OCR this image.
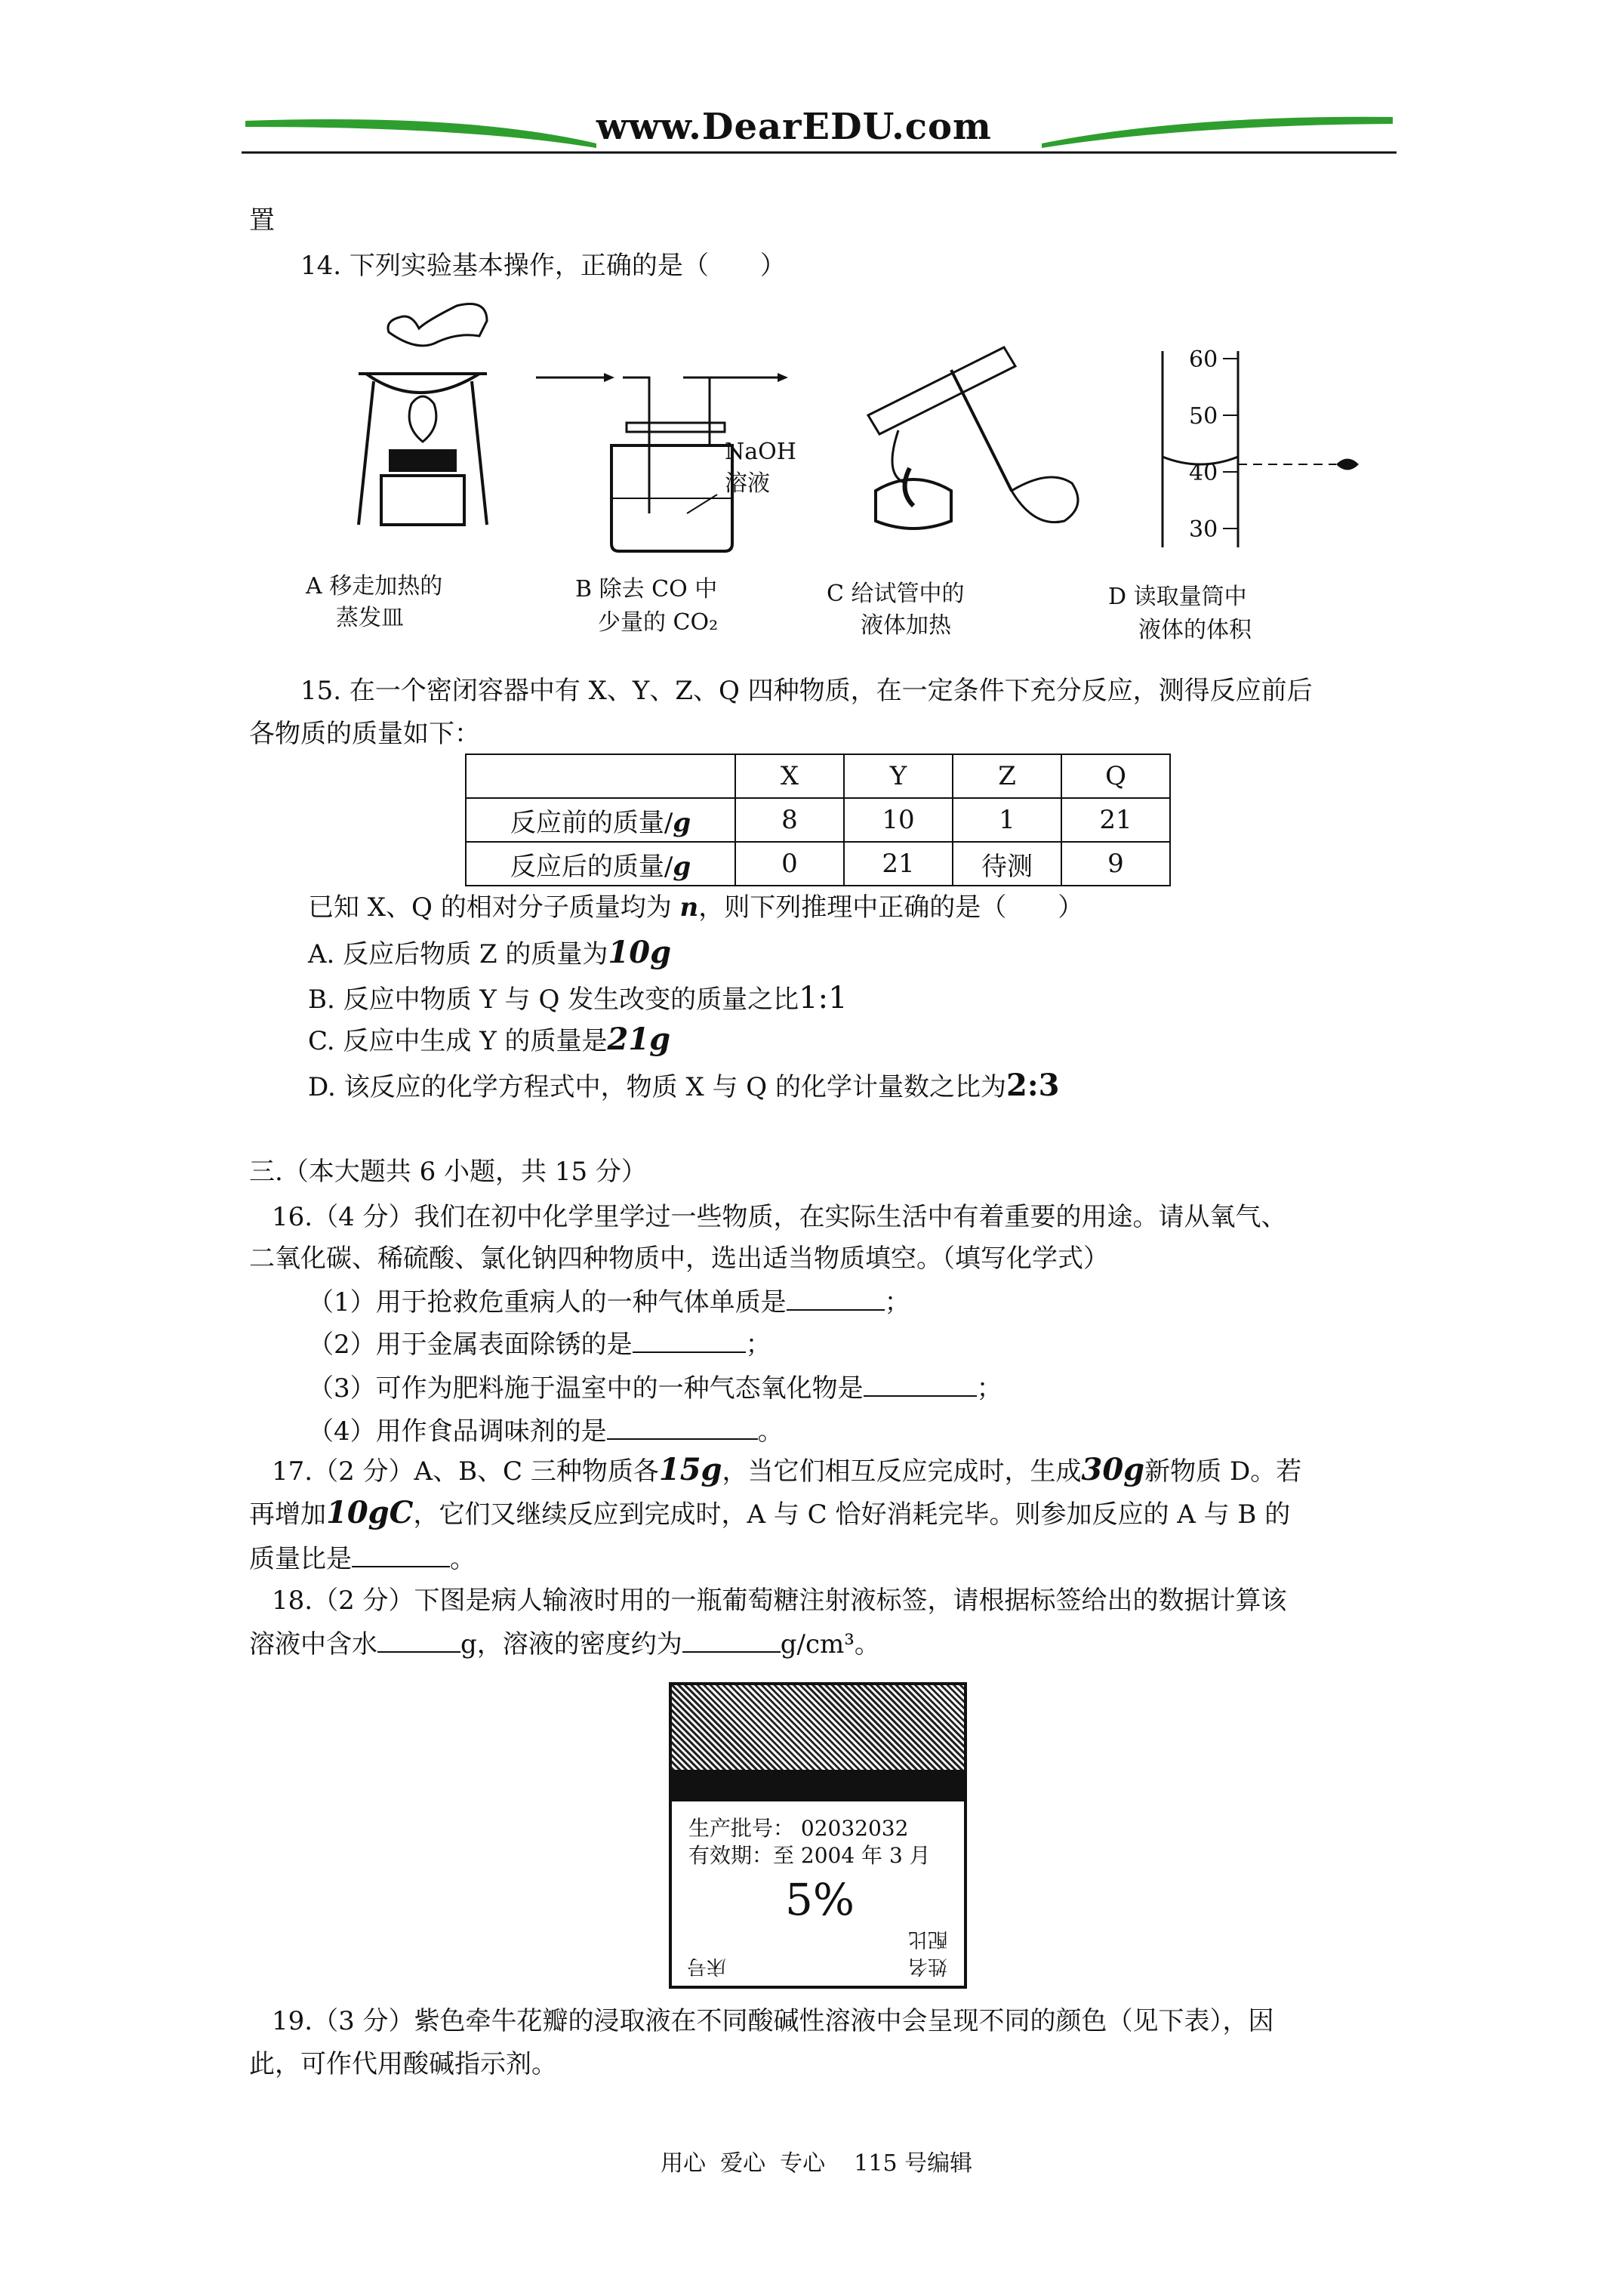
www.DearEDU.com
置
14. 下列实验基本操作，正确的是（　　）
A 移走加热的
蒸发皿
NaOH
溶液
B 除去 CO 中
少量的 CO₂
C 给试管中的
液体加热
60
50
40
30
D 读取量筒中
液体的体积
15. 在一个密闭容器中有 X、Y、Z、Q 四种物质，在一定条件下充分反应，测得反应前后
各物质的质量如下：
	X	Y	Z	Q
反应前的质量/g	8	10	1	21
反应后的质量/g	0	21	待测	9
已知 X、Q 的相对分子质量均为 n，则下列推理中正确的是（　　）
A. 反应后物质 Z 的质量为10g
B. 反应中物质 Y 与 Q 发生改变的质量之比1:1
C. 反应中生成 Y 的质量是21g
D. 该反应的化学方程式中，物质 X 与 Q 的化学计量数之比为2:3
三.（本大题共 6 小题，共 15 分）
16.（4 分）我们在初中化学里学过一些物质，在实际生活中有着重要的用途。请从氧气、
二氧化碳、稀硫酸、氯化钠四种物质中，选出适当物质填空。（填写化学式）
（1）用于抢救危重病人的一种气体单质是	；
（2）用于金属表面除锈的是	；
（3）可作为肥料施于温室中的一种气态氧化物是	；
（4）用作食品调味剂的是	。
17.（2 分）A、B、C 三种物质各15g，当它们相互反应完成时，生成30g新物质 D。若
再增加10gC，它们又继续反应到完成时，A 与 C 恰好消耗完毕。则参加反应的 A 与 B 的
质量比是	。
18.（2 分）下图是病人输液时用的一瓶葡萄糖注射液标签，请根据标签给出的数据计算该
溶液中含水	g，溶液的密度约为	g/cm³。
生产批号： 02032032
有效期：至 2004 年 3 月
5%
配比
床号	姓名
19.（3 分）紫色牵牛花瓣的浸取液在不同酸碱性溶液中会呈现不同的颜色（见下表），因
此，可作代用酸碱指示剂。
用心  爱心  专心    115 号编辑
